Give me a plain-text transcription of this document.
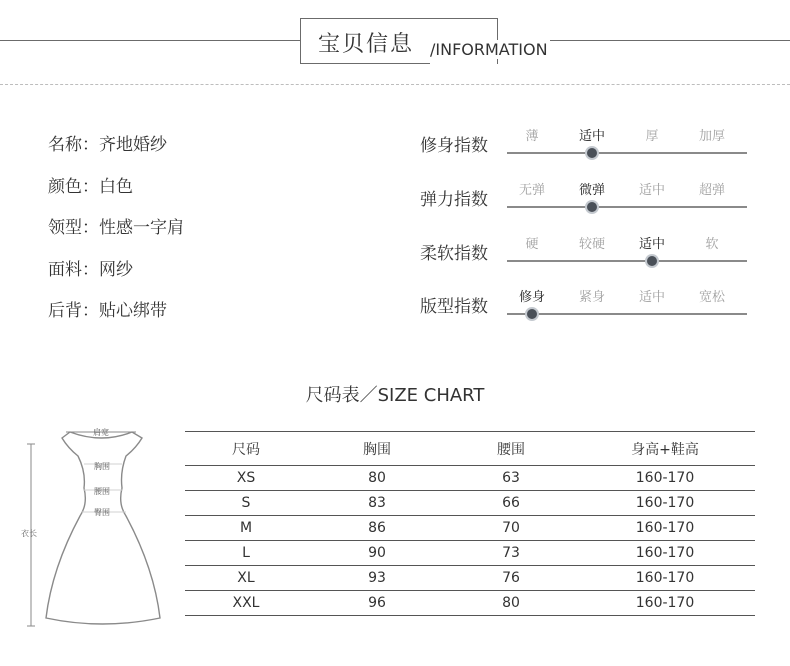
宝贝信息 /INFORMATION
名称：齐地婚纱
颜色：白色
领型：性感一字肩
面料：网纱
后背：贴心绑带
修身指数	薄	适中	厚	加厚
弹力指数 无弹	微弹	适中	超弹
柔软指数	硬	较硬	适中	软
版型指数 修身	紧身	适中	宽松
尺码表／SIZE CHART
肩宽
胸围
腰围
臀围
衣长
尺码	胸围	腰围	身高+鞋高
XS	80	63	160-170
S	83	66	160-170
M	86	70	160-170
L	90	73	160-170
XL	93	76	160-170
XXL	96	80	160-170
